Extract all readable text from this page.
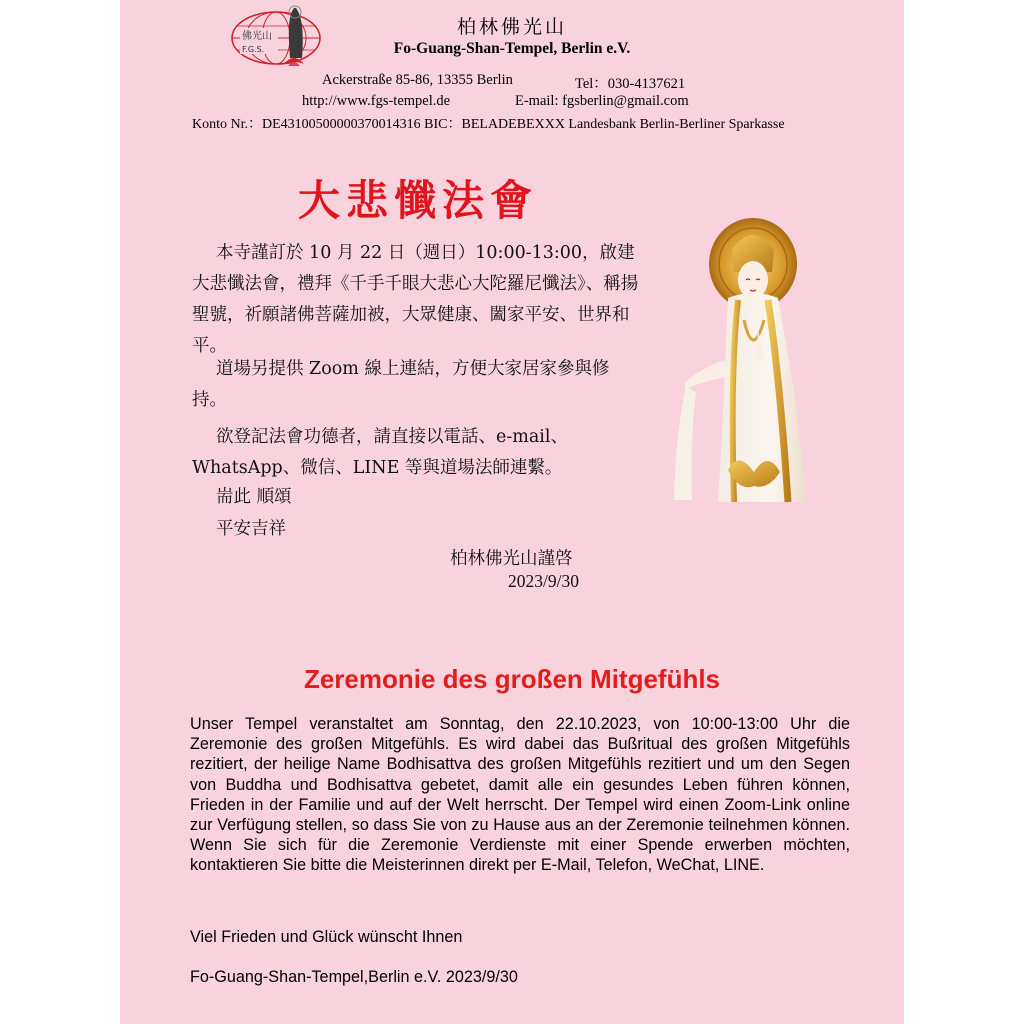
佛光山
F.G.S.
柏林佛光山
Fo-Guang-Shan-Tempel, Berlin e.V.
Ackerstraße 85-86, 13355 Berlin	Tel：030-4137621
http://www.fgs-tempel.de	E-mail: fgsberlin@gmail.com
Konto Nr.：DE43100500000370014316 BIC：BELADEBEXXX Landesbank Berlin-Berliner Sparkasse
大悲懺法會
本寺謹訂於 10 月 22 日（週日）10:00-13:00，啟建大悲懺法會，禮拜《千手千眼大悲心大陀羅尼懺法》、稱揚聖號，祈願諸佛菩薩加被，大眾健康、闔家平安、世界和平。
道場另提供 Zoom 線上連結，方便大家居家參與修持。
欲登記法會功德者，請直接以電話、e-mail、WhatsApp、微信、LINE 等與道場法師連繫。
耑此 順頌
平安吉祥
柏林佛光山謹啓
2023/9/30
Zeremonie des großen Mitgefühls
Unser Tempel veranstaltet am Sonntag, den 22.10.2023, von 10:00-13:00 Uhr die Zeremonie des großen Mitgefühls. Es wird dabei das Bußritual des großen Mitgefühls rezitiert, der heilige Name Bodhisattva des großen Mitgefühls rezitiert und um den Segen von Buddha und Bodhisattva gebetet, damit alle ein gesundes Leben führen können, Frieden in der Familie und auf der Welt herrscht. Der Tempel wird einen Zoom-Link online zur Verfügung stellen, so dass Sie von zu Hause aus an der Zeremonie teilnehmen können. Wenn Sie sich für die Zeremonie Verdienste mit einer Spende erwerben möchten, kontaktieren Sie bitte die Meisterinnen direkt per E-Mail, Telefon, WeChat, LINE.
Viel Frieden und Glück wünscht Ihnen
Fo-Guang-Shan-Tempel,Berlin e.V. 2023/9/30
